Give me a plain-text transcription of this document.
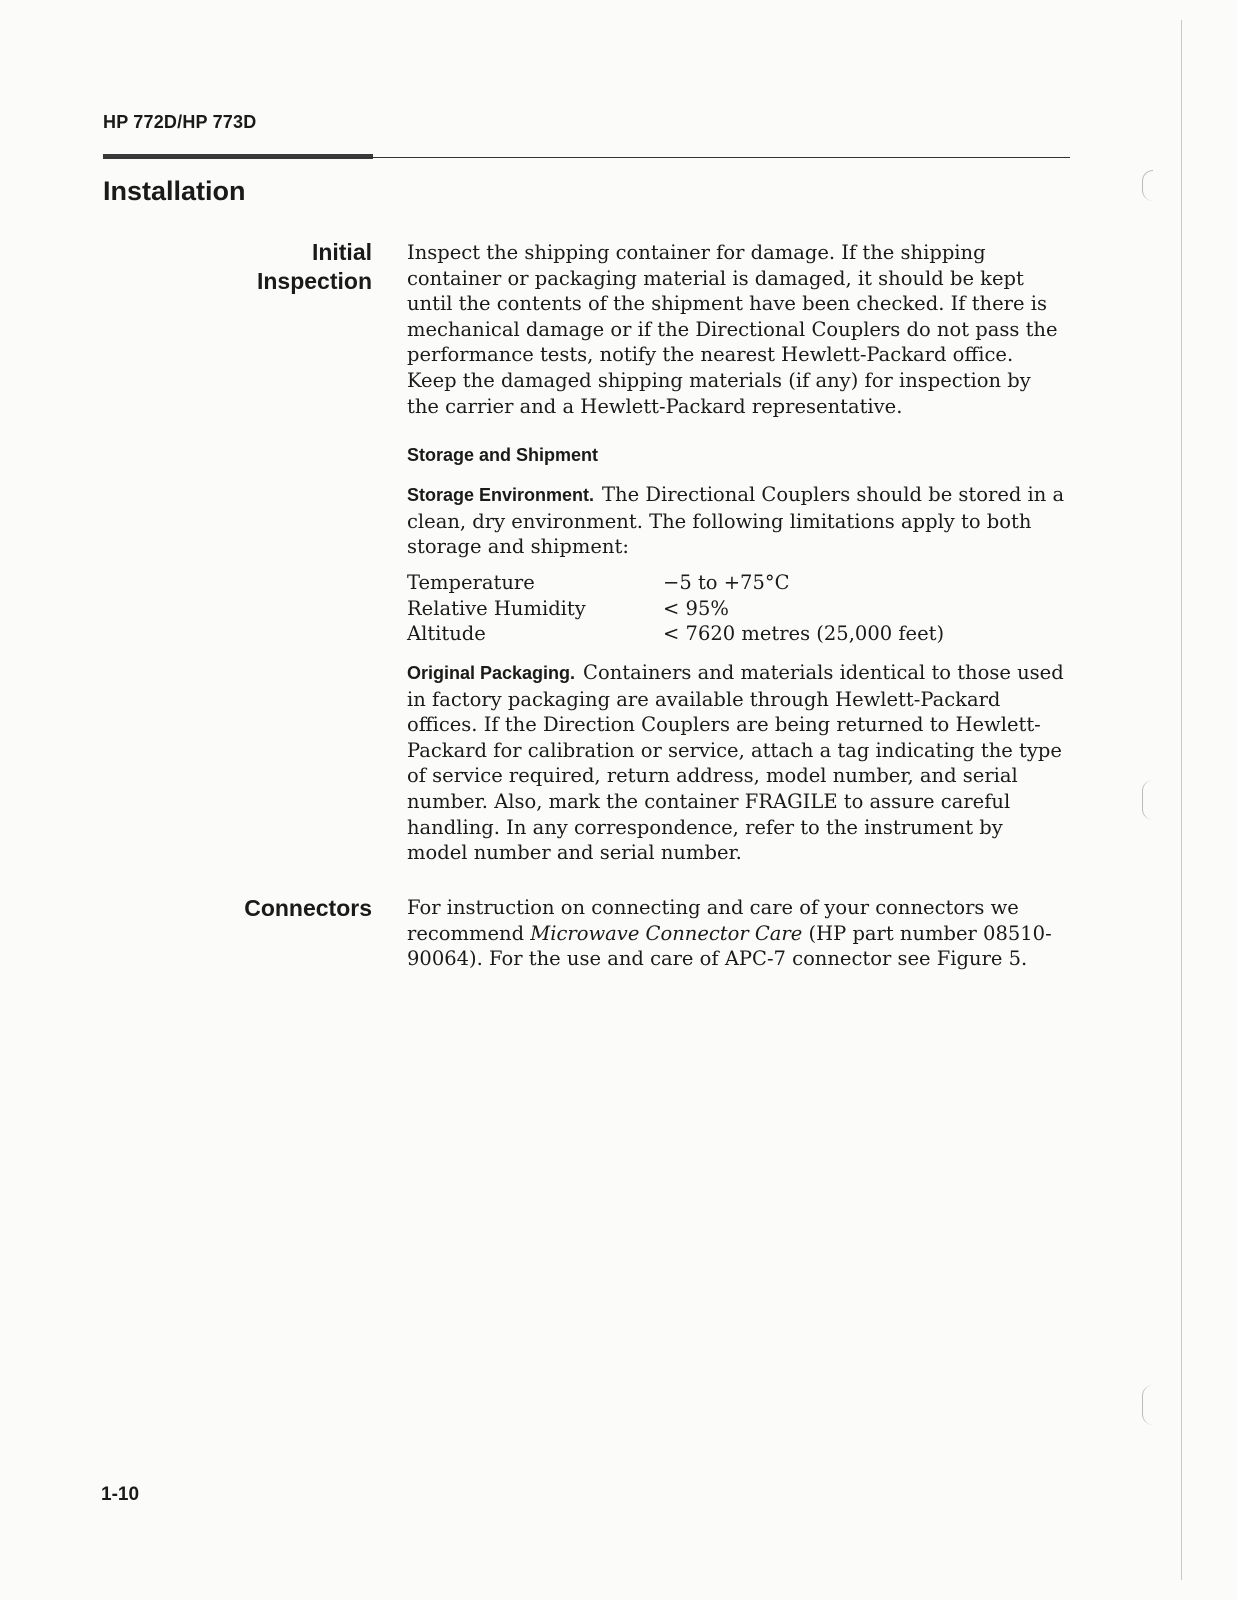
HP 772D/HP 773D
Installation
Initial
Inspection
Inspect the shipping container for damage. If the shipping container or packaging material is damaged, it should be kept until the contents of the shipment have been checked. If there is mechanical damage or if the Directional Couplers do not pass the performance tests, notify the nearest Hewlett-Packard office. Keep the damaged shipping materials (if any) for inspection by the carrier and a Hewlett-Packard representative.
Storage and Shipment
Storage Environment. The Directional Couplers should be stored in a clean, dry environment. The following limitations apply to both storage and shipment:
Temperature	−5 to +75°C
Relative Humidity	< 95%
Altitude	< 7620 metres (25,000 feet)
Original Packaging. Containers and materials identical to those used in factory packaging are available through Hewlett-Packard offices. If the Direction Couplers are being returned to Hewlett-Packard for calibration or service, attach a tag indicating the type of service required, return address, model number, and serial number. Also, mark the container FRAGILE to assure careful handling. In any correspondence, refer to the instrument by model number and serial number.
Connectors For instruction on connecting and care of your connectors we recommend Microwave Connector Care (HP part number 08510-90064). For the use and care of APC-7 connector see Figure 5.
1-10
